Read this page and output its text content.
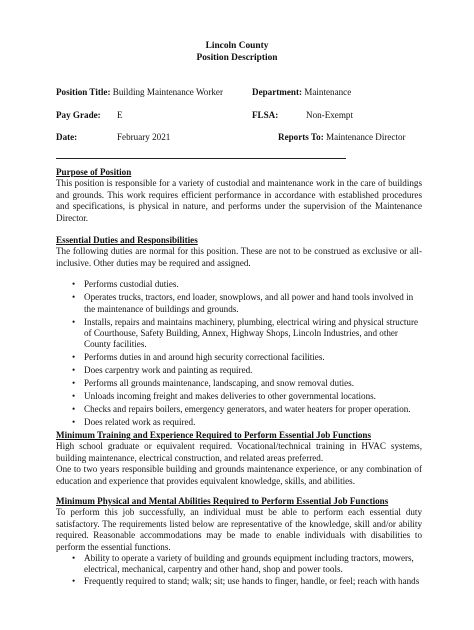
Lincoln County
Position Description
Position Title: Building Maintenance Worker	Department: Maintenance
Pay Grade: E	FLSA:	Non-Exempt
Date:	February 2021	Reports To: Maintenance Director
Purpose of Position

This position is responsible for a variety of custodial and maintenance work in the care of buildings and grounds. This work requires efficient performance in accordance with established procedures and specifications, is physical in nature, and performs under the supervision of the Maintenance Director.

Essential Duties and Responsibilities

The following duties are normal for this position. These are not to be construed as exclusive or all-inclusive. Other duties may be required and assigned.

• Performs custodial duties.
• Operates trucks, tractors, end loader, snowplows, and all power and hand tools involved in the maintenance of buildings and grounds.
• Installs, repairs and maintains machinery, plumbing, electrical wiring and physical structure of Courthouse, Safety Building, Annex, Highway Shops, Lincoln Industries, and other County facilities.
• Performs duties in and around high security correctional facilities.
• Does carpentry work and painting as required.
• Performs all grounds maintenance, landscaping, and snow removal duties.
• Unloads incoming freight and makes deliveries to other governmental locations.
• Checks and repairs boilers, emergency generators, and water heaters for proper operation.
• Does related work as required.
Minimum Training and Experience Required to Perform Essential Job Functions

High school graduate or equivalent required. Vocational/technical training in HVAC systems, building maintenance, electrical construction, and related areas preferred.

One to two years responsible building and grounds maintenance experience, or any combination of education and experience that provides equivalent knowledge, skills, and abilities.

Minimum Physical and Mental Abilities Required to Perform Essential Job Functions

To perform this job successfully, an individual must be able to perform each essential duty satisfactory. The requirements listed below are representative of the knowledge, skill and/or ability required. Reasonable accommodations may be made to enable individuals with disabilities to perform the essential functions.

• Ability to operate a variety of building and grounds equipment including tractors, mowers, electrical, mechanical, carpentry and other hand, shop and power tools.
• Frequently required to stand; walk; sit; use hands to finger, handle, or feel; reach with hands
